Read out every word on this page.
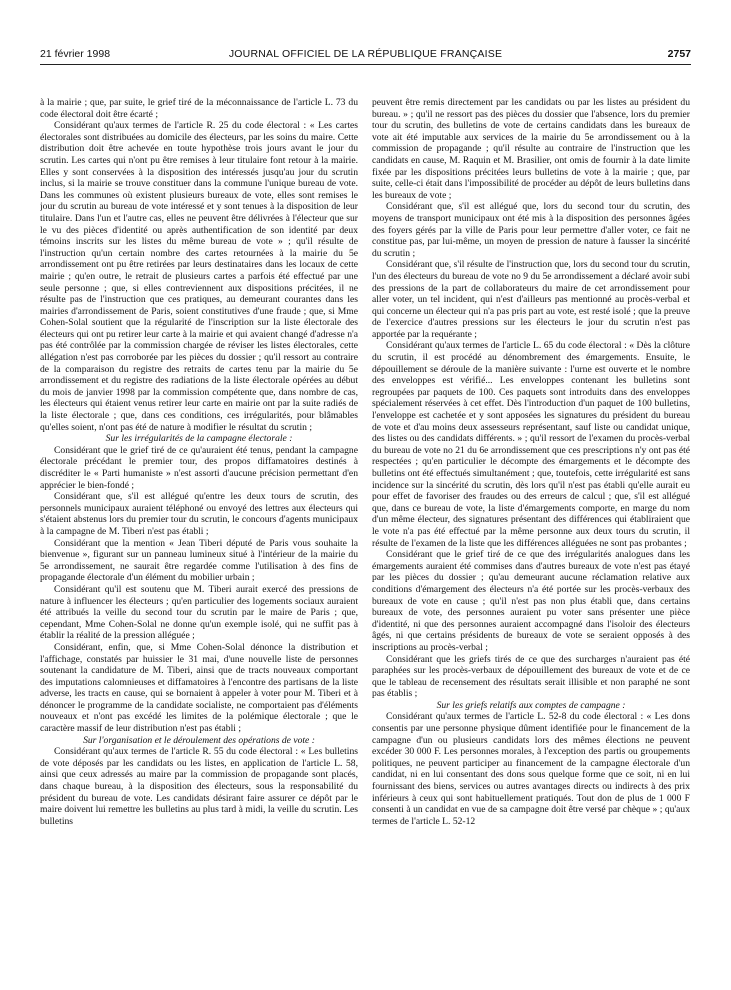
21 février 1998	JOURNAL OFFICIEL DE LA RÉPUBLIQUE FRANÇAISE	2757

à la mairie ; que, par suite, le grief tiré de la méconnaissance de l'article L. 73 du code électoral doit être écarté ;

Considérant qu'aux termes de l'article R. 25 du code électoral : « Les cartes électorales sont distribuées au domicile des électeurs, par les soins du maire. Cette distribution doit être achevée en toute hypothèse trois jours avant le jour du scrutin. Les cartes qui n'ont pu être remises à leur titulaire font retour à la mairie. Elles y sont conservées à la disposition des intéressés jusqu'au jour du scrutin inclus, si la mairie se trouve constituer dans la commune l'unique bureau de vote. Dans les communes où existent plusieurs bureaux de vote, elles sont remises le jour du scrutin au bureau de vote intéressé et y sont tenues à la disposition de leur titulaire. Dans l'un et l'autre cas, elles ne peuvent être délivrées à l'électeur que sur le vu des pièces d'identité ou après authentification de son identité par deux témoins inscrits sur les listes du même bureau de vote » ; qu'il résulte de l'instruction qu'un certain nombre des cartes retournées à la mairie du 5e arrondissement ont pu être retirées par leurs destinataires dans les locaux de cette mairie ; qu'en outre, le retrait de plusieurs cartes a parfois été effectué par une seule personne ; que, si elles contreviennent aux dispositions précitées, il ne résulte pas de l'instruction que ces pratiques, au demeurant courantes dans les mairies d'arrondissement de Paris, soient constitutives d'une fraude ; que, si Mme Cohen-Solal soutient que la régularité de l'inscription sur la liste électorale des électeurs qui ont pu retirer leur carte à la mairie et qui avaient changé d'adresse n'a pas été contrôlée par la commission chargée de réviser les listes électorales, cette allégation n'est pas corroborée par les pièces du dossier ; qu'il ressort au contraire de la comparaison du registre des retraits de cartes tenu par la mairie du 5e arrondissement et du registre des radiations de la liste électorale opérées au début du mois de janvier 1998 par la commission compétente que, dans nombre de cas, les électeurs qui étaient venus retirer leur carte en mairie ont par la suite radiés de la liste électorale ; que, dans ces conditions, ces irrégularités, pour blâmables qu'elles soient, n'ont pas été de nature à modifier le résultat du scrutin ;

Sur les irrégularités de la campagne électorale :

Considérant que le grief tiré de ce qu'auraient été tenus, pendant la campagne électorale précédant le premier tour, des propos diffamatoires destinés à discréditer le « Parti humaniste » n'est assorti d'aucune précision permettant d'en apprécier le bien-fondé ;

Considérant que, s'il est allégué qu'entre les deux tours de scrutin, des personnels municipaux auraient téléphoné ou envoyé des lettres aux électeurs qui s'étaient abstenus lors du premier tour du scrutin, le concours d'agents municipaux à la campagne de M. Tiberi n'est pas établi ;

Considérant que la mention « Jean Tiberi député de Paris vous souhaite la bienvenue », figurant sur un panneau lumineux situé à l'intérieur de la mairie du 5e arrondissement, ne saurait être regardée comme l'utilisation à des fins de propagande électorale d'un élément du mobilier urbain ;

Considérant qu'il est soutenu que M. Tiberi aurait exercé des pressions de nature à influencer les électeurs ; qu'en particulier des logements sociaux auraient été attribués la veille du second tour du scrutin par le maire de Paris ; que, cependant, Mme Cohen-Solal ne donne qu'un exemple isolé, qui ne suffit pas à établir la réalité de la pression alléguée ;

Considérant, enfin, que, si Mme Cohen-Solal dénonce la distribution et l'affichage, constatés par huissier le 31 mai, d'une nouvelle liste de personnes soutenant la candidature de M. Tiberi, ainsi que de tracts nouveaux comportant des imputations calomnieuses et diffamatoires à l'encontre des partisans de la liste adverse, les tracts en cause, qui se bornaient à appeler à voter pour M. Tiberi et à dénoncer le programme de la candidate socialiste, ne comportaient pas d'éléments nouveaux et n'ont pas excédé les limites de la polémique électorale ; que le caractère massif de leur distribution n'est pas établi ;

Sur l'organisation et le déroulement des opérations de vote :

Considérant qu'aux termes de l'article R. 55 du code électoral : « Les bulletins de vote déposés par les candidats ou les listes, en application de l'article L. 58, ainsi que ceux adressés au maire par la commission de propagande sont placés, dans chaque bureau, à la disposition des électeurs, sous la responsabilité du président du bureau de vote. Les candidats désirant faire assurer ce dépôt par le maire doivent lui remettre les bulletins au plus tard à midi, la veille du scrutin. Les bulletins

peuvent être remis directement par les candidats ou par les listes au président du bureau. » ; qu'il ne ressort pas des pièces du dossier que l'absence, lors du premier tour du scrutin, des bulletins de vote de certains candidats dans les bureaux de vote ait été imputable aux services de la mairie du 5e arrondissement ou à la commission de propagande ; qu'il résulte au contraire de l'instruction que les candidats en cause, M. Raquin et M. Brasilier, ont omis de fournir à la date limite fixée par les dispositions précitées leurs bulletins de vote à la mairie ; que, par suite, celle-ci était dans l'impossibilité de procéder au dépôt de leurs bulletins dans les bureaux de vote ;

Considérant que, s'il est allégué que, lors du second tour du scrutin, des moyens de transport municipaux ont été mis à la disposition des personnes âgées des foyers gérés par la ville de Paris pour leur permettre d'aller voter, ce fait ne constitue pas, par lui-même, un moyen de pression de nature à fausser la sincérité du scrutin ;

Considérant que, s'il résulte de l'instruction que, lors du second tour du scrutin, l'un des électeurs du bureau de vote no 9 du 5e arrondissement a déclaré avoir subi des pressions de la part de collaborateurs du maire de cet arrondissement pour aller voter, un tel incident, qui n'est d'ailleurs pas mentionné au procès-verbal et qui concerne un électeur qui n'a pas pris part au vote, est resté isolé ; que la preuve de l'exercice d'autres pressions sur les électeurs le jour du scrutin n'est pas apportée par la requérante ;

Considérant qu'aux termes de l'article L. 65 du code électoral : « Dès la clôture du scrutin, il est procédé au dénombrement des émargements. Ensuite, le dépouillement se déroule de la manière suivante : l'urne est ouverte et le nombre des enveloppes est vérifié... Les enveloppes contenant les bulletins sont regroupées par paquets de 100. Ces paquets sont introduits dans des enveloppes spécialement réservées à cet effet. Dès l'introduction d'un paquet de 100 bulletins, l'enveloppe est cachetée et y sont apposées les signatures du président du bureau de vote et d'au moins deux assesseurs représentant, sauf liste ou candidat unique, des listes ou des candidats différents. » ; qu'il ressort de l'examen du procès-verbal du bureau de vote no 21 du 6e arrondissement que ces prescriptions n'y ont pas été respectées ; qu'en particulier le décompte des émargements et le décompte des bulletins ont été effectués simultanément ; que, toutefois, cette irrégularité est sans incidence sur la sincérité du scrutin, dès lors qu'il n'est pas établi qu'elle aurait eu pour effet de favoriser des fraudes ou des erreurs de calcul ; que, s'il est allégué que, dans ce bureau de vote, la liste d'émargements comporte, en marge du nom d'un même électeur, des signatures présentant des différences qui établiraient que le vote n'a pas été effectué par la même personne aux deux tours du scrutin, il résulte de l'examen de la liste que les différences alléguées ne sont pas probantes ;

Considérant que le grief tiré de ce que des irrégularités analogues dans les émargements auraient été commises dans d'autres bureaux de vote n'est pas étayé par les pièces du dossier ; qu'au demeurant aucune réclamation relative aux conditions d'émargement des électeurs n'a été portée sur les procès-verbaux des bureaux de vote en cause ; qu'il n'est pas non plus établi que, dans certains bureaux de vote, des personnes auraient pu voter sans présenter une pièce d'identité, ni que des personnes auraient accompagné dans l'isoloir des électeurs âgés, ni que certains présidents de bureaux de vote se seraient opposés à des inscriptions au procès-verbal ;

Considérant que les griefs tirés de ce que des surcharges n'auraient pas été paraphées sur les procès-verbaux de dépouillement des bureaux de vote et de ce que le tableau de recensement des résultats serait illisible et non paraphé ne sont pas établis ;

Sur les griefs relatifs aux comptes de campagne :

Considérant qu'aux termes de l'article L. 52-8 du code électoral : « Les dons consentis par une personne physique dûment identifiée pour le financement de la campagne d'un ou plusieurs candidats lors des mêmes élections ne peuvent excéder 30 000 F. Les personnes morales, à l'exception des partis ou groupements politiques, ne peuvent participer au financement de la campagne électorale d'un candidat, ni en lui consentant des dons sous quelque forme que ce soit, ni en lui fournissant des biens, services ou autres avantages directs ou indirects à des prix inférieurs à ceux qui sont habituellement pratiqués. Tout don de plus de 1 000 F consenti à un candidat en vue de sa campagne doit être versé par chèque » ; qu'aux termes de l'article L. 52-12
